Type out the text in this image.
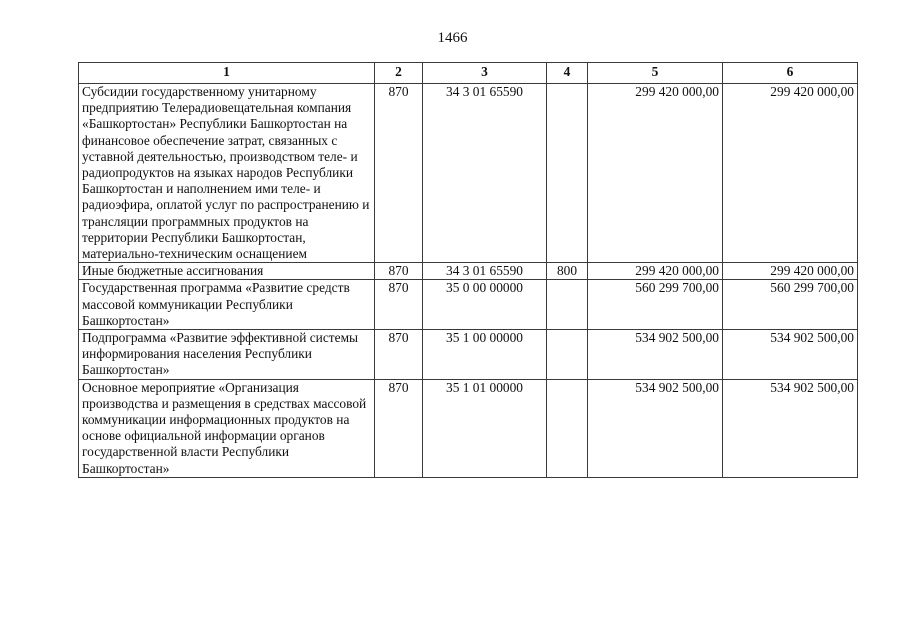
1466
1	2	3	4	5	6
Субсидии государственному унитарному предприятию Телерадиовещательная компания «Башкортостан» Республики Башкортостан на финансовое обеспечение затрат, связанных с уставной деятельностью, производством теле- и радиопродуктов на языках народов Республики Башкортостан и наполнением ими теле- и радиоэфира, оплатой услуг по распространению и трансляции программных продуктов на территории Республики Башкортостан, материально-техническим оснащением	870	34 3 01 65590		299 420 000,00	299 420 000,00
Иные бюджетные ассигнования	870	34 3 01 65590	800	299 420 000,00	299 420 000,00
Государственная программа «Развитие средств массовой коммуникации Республики Башкортостан»	870	35 0 00 00000		560 299 700,00	560 299 700,00
Подпрограмма «Развитие эффективной системы информирования населения Республики Башкортостан»	870	35 1 00 00000		534 902 500,00	534 902 500,00
Основное мероприятие «Организация производства и размещения в средствах массовой коммуникации информационных продуктов на основе официальной информации органов государственной власти Республики Башкортостан»	870	35 1 01 00000		534 902 500,00	534 902 500,00
